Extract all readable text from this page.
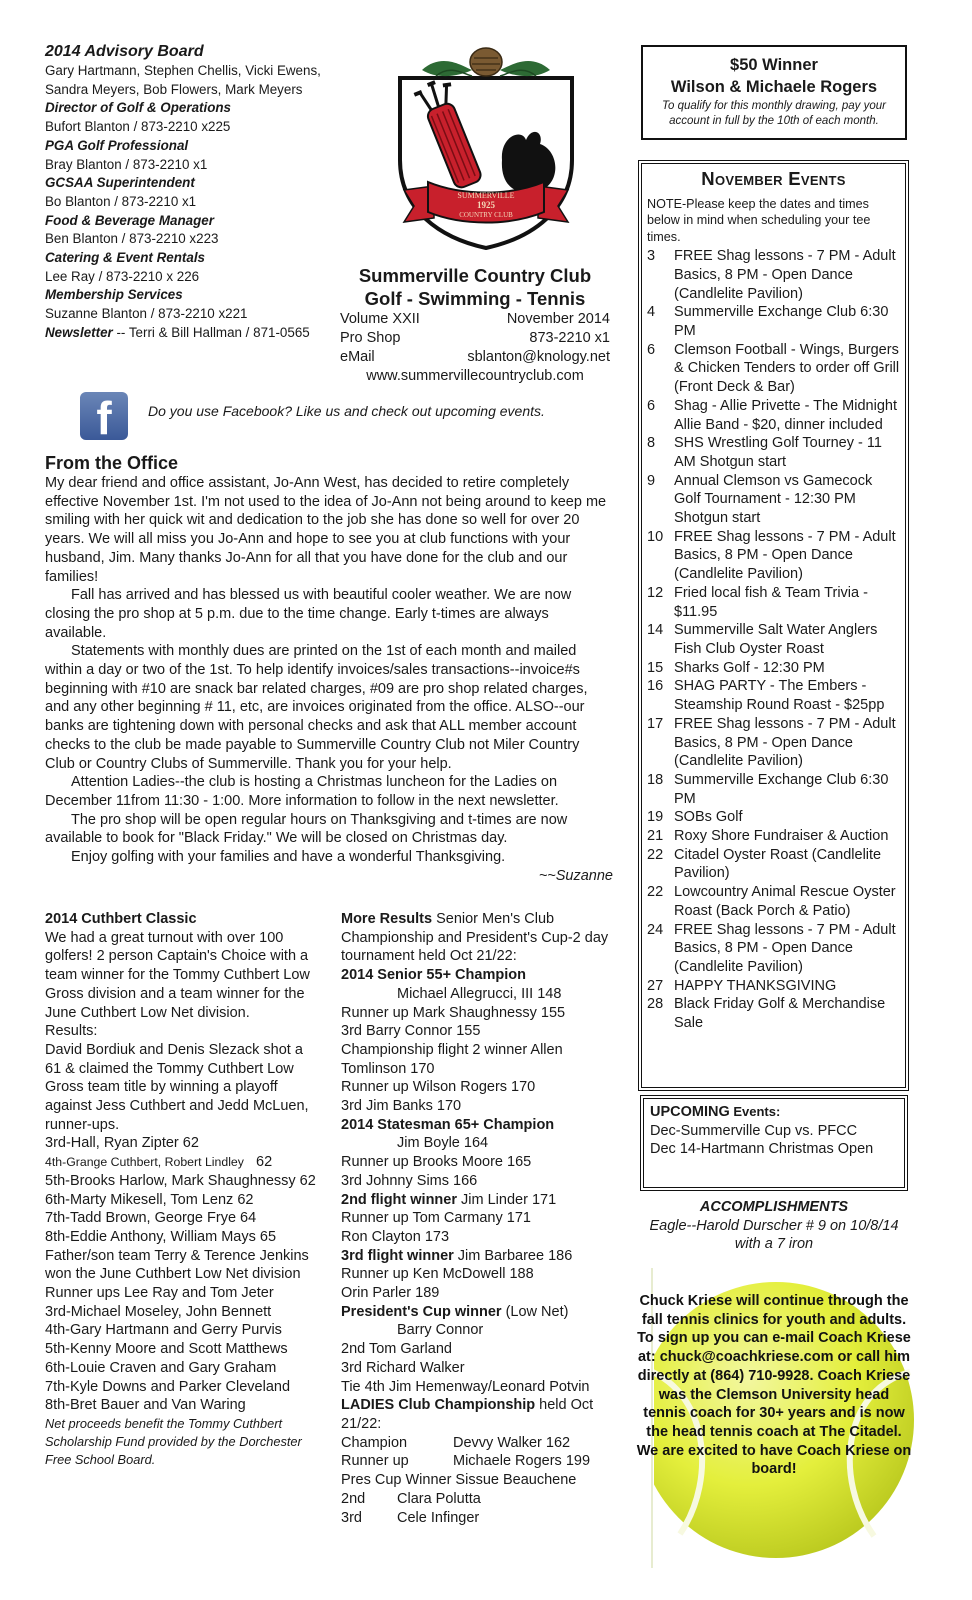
2014 Advisory Board
Gary Hartmann, Stephen Chellis, Vicki Ewens,
Sandra Meyers, Bob Flowers, Mark Meyers
Director of Golf & Operations
Bufort Blanton / 873-2210 x225
PGA Golf Professional
Bray Blanton / 873-2210 x1
GCSAA Superintendent
Bo Blanton / 873-2210 x1
Food & Beverage Manager
Ben Blanton / 873-2210 x223
Catering & Event Rentals
Lee Ray / 873-2210 x 226
Membership Services
Suzanne Blanton / 873-2210 x221
Newsletter -- Terri & Bill Hallman / 871-0565
SUMMERVILLE
1925
COUNTRY CLUB
Summerville Country Club
Golf - Swimming - Tennis
Volume XXII	November 2014
Pro Shop	873-2210 x1
eMail	sblanton@knology.net
www.summervillecountryclub.com
f	Do you use Facebook? Like us and check out upcoming events.
From the Office

My dear friend and office assistant, Jo-Ann West, has decided to retire completely effective November 1st. I'm not used to the idea of Jo-Ann not being around to keep me smiling with her quick wit and dedication to the job she has done so well for over 20 years. We will all miss you Jo-Ann and hope to see you at club functions with your husband, Jim. Many thanks Jo-Ann for all that you have done for the club and our families!

Fall has arrived and has blessed us with beautiful cooler weather. We are now closing the pro shop at 5 p.m. due to the time change. Early t-times are always available.

Statements with monthly dues are printed on the 1st of each month and mailed within a day or two of the 1st. To help identify invoices/sales transactions--invoice#s beginning with #10 are snack bar related charges, #09 are pro shop related charges, and any other beginning # 11, etc, are invoices originated from the office. ALSO--our banks are tightening down with personal checks and ask that ALL member account checks to the club be made payable to Summerville Country Club not Miler Country Club or Country Clubs of Summerville. Thank you for your help.

Attention Ladies--the club is hosting a Christmas luncheon for the Ladies on December 11from 11:30 - 1:00. More information to follow in the next newsletter.

The pro shop will be open regular hours on Thanksgiving and t-times are now available to book for "Black Friday." We will be closed on Christmas day.

Enjoy golfing with your families and have a wonderful Thanksgiving.

~~Suzanne

2014 Cuthbert Classic
We had a great turnout with over 100 golfers! 2 person Captain's Choice with a team winner for the Tommy Cuthbert Low Gross division and a team winner for the June Cuthbert Low Net division.
Results:
David Bordiuk and Denis Slezack shot a 61 & claimed the Tommy Cuthbert Low Gross team title by winning a playoff against Jess Cuthbert and Jedd McLuen, runner-ups.
3rd-Hall, Ryan Zipter 62
4th-Grange Cuthbert, Robert Lindley 62
5th-Brooks Harlow, Mark Shaughnessy 62
6th-Marty Mikesell, Tom Lenz 62
7th-Tadd Brown, George Frye 64
8th-Eddie Anthony, William Mays 65
Father/son team Terry & Terence Jenkins won the June Cuthbert Low Net division
Runner ups Lee Ray and Tom Jeter
3rd-Michael Moseley, John Bennett
4th-Gary Hartmann and Gerry Purvis
5th-Kenny Moore and Scott Matthews
6th-Louie Craven and Gary Graham
7th-Kyle Downs and Parker Cleveland
8th-Bret Bauer and Van Waring
Net proceeds benefit the Tommy Cuthbert Scholarship Fund provided by the Dorchester Free School Board.
More Results Senior Men's Club Championship and President's Cup-2 day tournament held Oct 21/22:
2014 Senior 55+ Champion
Michael Allegrucci, III 148
Runner up Mark Shaughnessy 155
3rd Barry Connor 155
Championship flight 2 winner Allen Tomlinson 170
Runner up Wilson Rogers 170
3rd Jim Banks 170
2014 Statesman 65+ Champion
Jim Boyle 164
Runner up Brooks Moore 165
3rd Johnny Sims 166
2nd flight winner Jim Linder 171
Runner up Tom Carmany 171
Ron Clayton 173
3rd flight winner Jim Barbaree 186
Runner up Ken McDowell 188
Orin Parler 189
President's Cup winner (Low Net)
Barry Connor
2nd Tom Garland
3rd Richard Walker
Tie 4th Jim Hemenway/Leonard Potvin
LADIES Club Championship held Oct 21/22:
Champion	Devvy Walker 162
Runner up	Michaele Rogers 199
Pres Cup Winner Sissue Beauchene
2nd Clara Polutta
3rd Cele Infinger
$50 Winner
Wilson & Michaele Rogers
To qualify for this monthly drawing, pay your account in full by the 10th of each month.
November Events
NOTE-Please keep the dates and times below in mind when scheduling your tee times.
3	FREE Shag lessons - 7 PM - Adult Basics, 8 PM - Open Dance (Candlelite Pavilion)
4	Summerville Exchange Club 6:30 PM
6	Clemson Football - Wings, Burgers & Chicken Tenders to order off Grill (Front Deck & Bar)
6	Shag - Allie Privette - The Midnight Allie Band - $20, dinner included
8	SHS Wrestling Golf Tourney - 11 AM Shotgun start
9	Annual Clemson vs Gamecock Golf Tournament - 12:30 PM Shotgun start
10 FREE Shag lessons - 7 PM - Adult Basics, 8 PM - Open Dance (Candlelite Pavilion)
12 Fried local fish & Team Trivia - $11.95
14 Summerville Salt Water Anglers Fish Club Oyster Roast
15 Sharks Golf - 12:30 PM
16 SHAG PARTY - The Embers - Steamship Round Roast - $25pp
17 FREE Shag lessons - 7 PM - Adult Basics, 8 PM - Open Dance (Candlelite Pavilion)
18 Summerville Exchange Club 6:30 PM
19 SOBs Golf
21 Roxy Shore Fundraiser & Auction
22 Citadel Oyster Roast (Candlelite Pavilion)
22 Lowcountry Animal Rescue Oyster Roast (Back Porch & Patio)
24 FREE Shag lessons - 7 PM - Adult Basics, 8 PM - Open Dance (Candlelite Pavilion)
27 HAPPY THANKSGIVING
28 Black Friday Golf & Merchandise Sale
UPCOMING Events:
Dec-Summerville Cup vs. PFCC
Dec 14-Hartmann Christmas Open
ACCOMPLISHMENTS
Eagle--Harold Durscher # 9 on 10/8/14 with a 7 iron
Chuck Kriese will continue through the fall tennis clinics for youth and adults. To sign up you can e-mail Coach Kriese at: chuck@coachkriese.com or call him directly at (864) 710-9928. Coach Kriese was the Clemson University head tennis coach for 30+ years and is now the head tennis coach at The Citadel. We are excited to have Coach Kriese on board!
